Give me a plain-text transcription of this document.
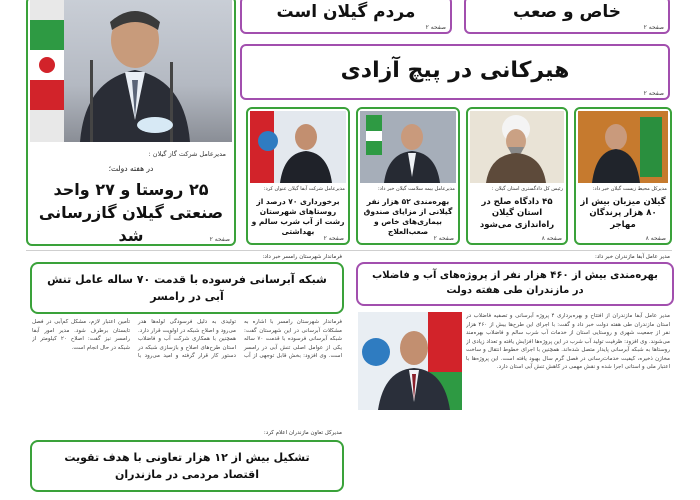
خاص و صعب
صفحه ۲
مردم گیلان است
صفحه ۲
هیرکانی در پیچ آزادی
صفحه ۲
مدیرعامل شرکت گاز گیلان :
در هفته دولت؛
۲۵ روستا و ۲۷ واحد صنعتی گیلان گازرسانی شد	صفحه ۲
مدیرکل محیط زیست گیلان خبر داد:
گیلان میزبان بیش از ۸۰ هزار پرندگان مهاجر
صفحه ۸
رئیس کل دادگستری استان گیلان :
۴۵ دادگاه صلح در استان گیلان راه‌اندازی می‌شود
صفحه ۸
مدیرعامل بیمه سلامت گیلان خبر داد:
بهره‌مندی ۵۲ هزار نفر گیلانی از مزایای صندوق بیماری‌های خاص و صعب‌العلاج
صفحه ۲
مدیرعامل شرکت آبفا گیلان عنوان کرد:
برخورداری ۷۰ درصد از روستاهای شهرستان رشت از آب شرب سالم و بهداشتی
صفحه ۲
مدیر عامل آبفا مازندران خبر داد:
بهره‌مندی بیش از ۴۶۰ هزار نفر از پروژه‌های آب و فاضلاب در مازندران طی هفته دولت
مدیر عامل آبفا مازندران از افتتاح و بهره‌برداری ۴ پروژه آبرسانی و تصفیه فاضلاب در استان مازندران طی هفته دولت خبر داد و گفت: با اجرای این طرح‌ها بیش از ۴۶۰ هزار نفر از جمعیت شهری و روستایی استان از خدمات آب شرب سالم و فاضلاب بهره‌مند می‌شوند. وی افزود: ظرفیت تولید آب شرب در این پروژه‌ها افزایش یافته و تعداد زیادی از روستاها به شبکه آبرسانی پایدار متصل شده‌اند. همچنین با اجرای خطوط انتقال و ساخت مخازن ذخیره، کیفیت خدمات‌رسانی در فصل گرم سال بهبود یافته است. این پروژه‌ها با اعتبار ملی و استانی اجرا شده و نقش مهمی در کاهش تنش آبی استان دارد.
فرماندار شهرستان رامسر خبر داد:
شبکه آبرسانی فرسوده با قدمت ۷۰ ساله عامل تنش آبی در رامسر
فرماندار شهرستان رامسر با اشاره به مشکلات آبرسانی در این شهرستان گفت: شبکه آبرسانی فرسوده با قدمت ۷۰ ساله یکی از عوامل اصلی تنش آبی در رامسر است. وی افزود: بخش قابل توجهی از آب تولیدی به دلیل فرسودگی لوله‌ها هدر می‌رود و اصلاح شبکه در اولویت قرار دارد. همچنین با همکاری شرکت آب و فاضلاب استان طرح‌های اصلاح و بازسازی شبکه در دستور کار قرار گرفته و امید می‌رود با تأمین اعتبار لازم، مشکل کم‌آبی در فصل تابستان برطرف شود. مدیر امور آبفا رامسر نیز گفت: اصلاح ۲۰ کیلومتر از شبکه در حال انجام است.
مدیرکل تعاون مازندران اعلام کرد:
تشکیل بیش از ۱۲ هزار تعاونی با هدف تقویت اقتصاد مردمی در مازندران
